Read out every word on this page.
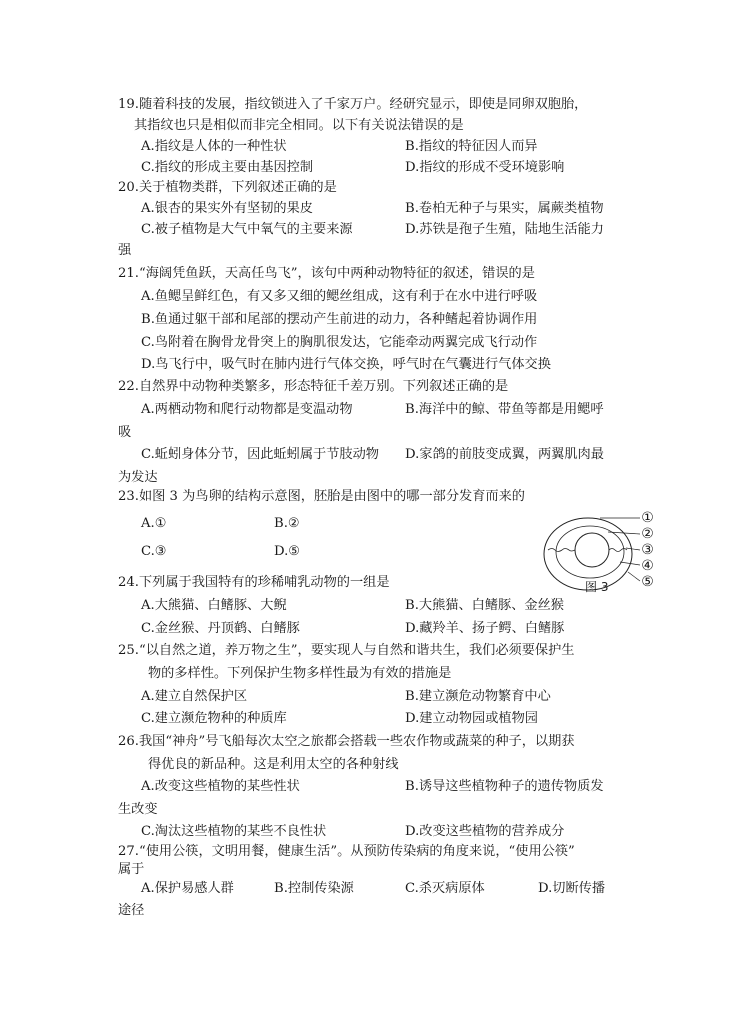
19.随着科技的发展，指纹锁进入了千家万户。经研究显示，即使是同卵双胞胎，
其指纹也只是相似而非完全相同。以下有关说法错误的是
A.指纹是人体的一种性状	B.指纹的特征因人而异
C.指纹的形成主要由基因控制	D.指纹的形成不受环境影响
20.关于植物类群，下列叙述正确的是
A.银杏的果实外有坚韧的果皮	B.卷柏无种子与果实，属蕨类植物
C.被子植物是大气中氧气的主要来源	D.苏铁是孢子生殖，陆地生活能力
强
21.“海阔凭鱼跃，天高任鸟飞”，该句中两种动物特征的叙述，错误的是
A.鱼鳃呈鲜红色，有又多又细的鳃丝组成，这有利于在水中进行呼吸
B.鱼通过躯干部和尾部的摆动产生前进的动力，各种鳍起着协调作用
C.鸟附着在胸骨龙骨突上的胸肌很发达，它能牵动两翼完成飞行动作
D.鸟飞行中，吸气时在肺内进行气体交换，呼气时在气囊进行气体交换
22.自然界中动物种类繁多，形态特征千差万别。下列叙述正确的是
A.两栖动物和爬行动物都是变温动物	B.海洋中的鲸、带鱼等都是用鳃呼
吸
C.蚯蚓身体分节，因此蚯蚓属于节肢动物 D.家鸽的前肢变成翼，两翼肌肉最
为发达
23.如图 3 为鸟卵的结构示意图，胚胎是由图中的哪一部分发育而来的
A.①	B.②
C.③	D.⑤
①
②
③
④
⑤
图 3
24.下列属于我国特有的珍稀哺乳动物的一组是
A.大熊猫、白鳍豚、大鲵	B.大熊猫、白鳍豚、金丝猴
C.金丝猴、丹顶鹤、白鳍豚	D.藏羚羊、扬子鳄、白鳍豚
25.“以自然之道，养万物之生”，要实现人与自然和谐共生，我们必须要保护生
物的多样性。下列保护生物多样性最为有效的措施是
A.建立自然保护区	B.建立濒危动物繁育中心
C.建立濒危物种的种质库	D.建立动物园或植物园
26.我国“神舟”号飞船每次太空之旅都会搭载一些农作物或蔬菜的种子，以期获
得优良的新品种。这是利用太空的各种射线
A.改变这些植物的某些性状	B.诱导这些植物种子的遗传物质发
生改变
C.淘汰这些植物的某些不良性状	D.改变这些植物的营养成分
27.“使用公筷，文明用餐，健康生活”。从预防传染病的角度来说，“使用公筷”
属于
A.保护易感人群	B.控制传染源	C.杀灭病原体	D.切断传播
途径
